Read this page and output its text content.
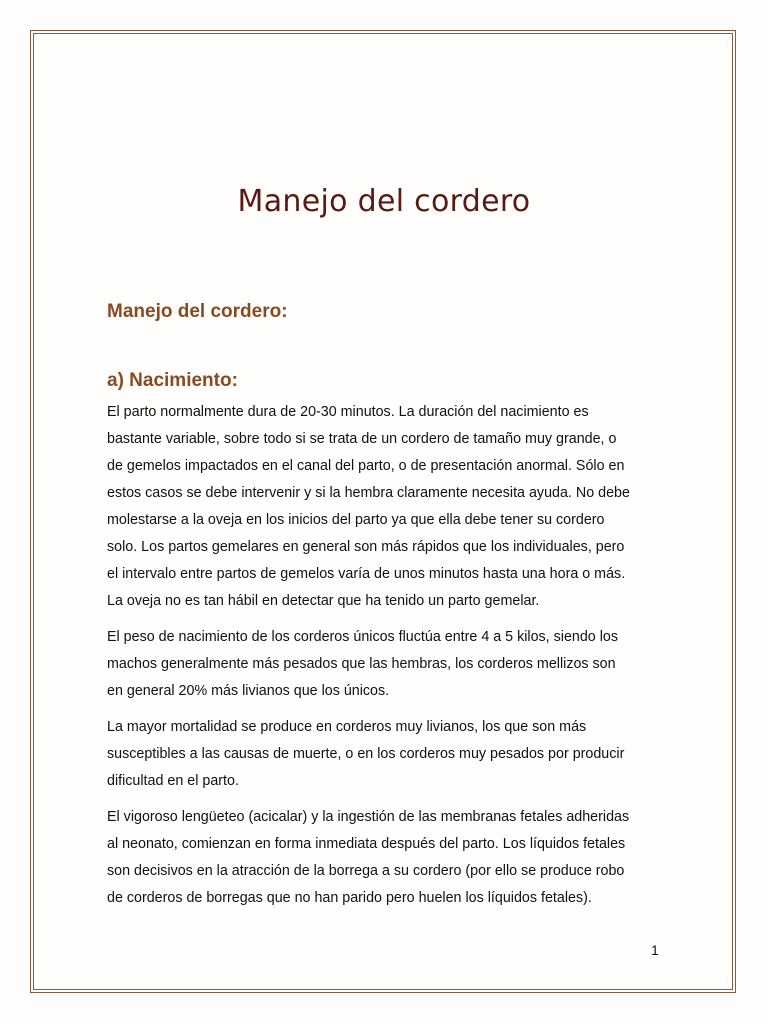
Manejo del cordero
Manejo del cordero:
a) Nacimiento:

El parto normalmente dura de 20-30 minutos. La duración del nacimiento es
bastante variable, sobre todo si se trata de un cordero de tamaño muy grande, o
de gemelos impactados en el canal del parto, o de presentación anormal. Sólo en
estos casos se debe intervenir y si la hembra claramente necesita ayuda. No debe
molestarse a la oveja en los inicios del parto ya que ella debe tener su cordero
solo. Los partos gemelares en general son más rápidos que los individuales, pero
el intervalo entre partos de gemelos varía de unos minutos hasta una hora o más.
La oveja no es tan hábil en detectar que ha tenido un parto gemelar.

El peso de nacimiento de los corderos únicos fluctúa entre 4 a 5 kilos, siendo los
machos generalmente más pesados que las hembras, los corderos mellizos son
en general 20% más livianos que los únicos.

La mayor mortalidad se produce en corderos muy livianos, los que son más
susceptibles a las causas de muerte, o en los corderos muy pesados por producir
dificultad en el parto.

El vigoroso lengüeteo (acicalar) y la ingestión de las membranas fetales adheridas
al neonato, comienzan en forma inmediata después del parto. Los líquidos fetales
son decisivos en la atracción de la borrega a su cordero (por ello se produce robo
de corderos de borregas que no han parido pero huelen los líquidos fetales).

1
